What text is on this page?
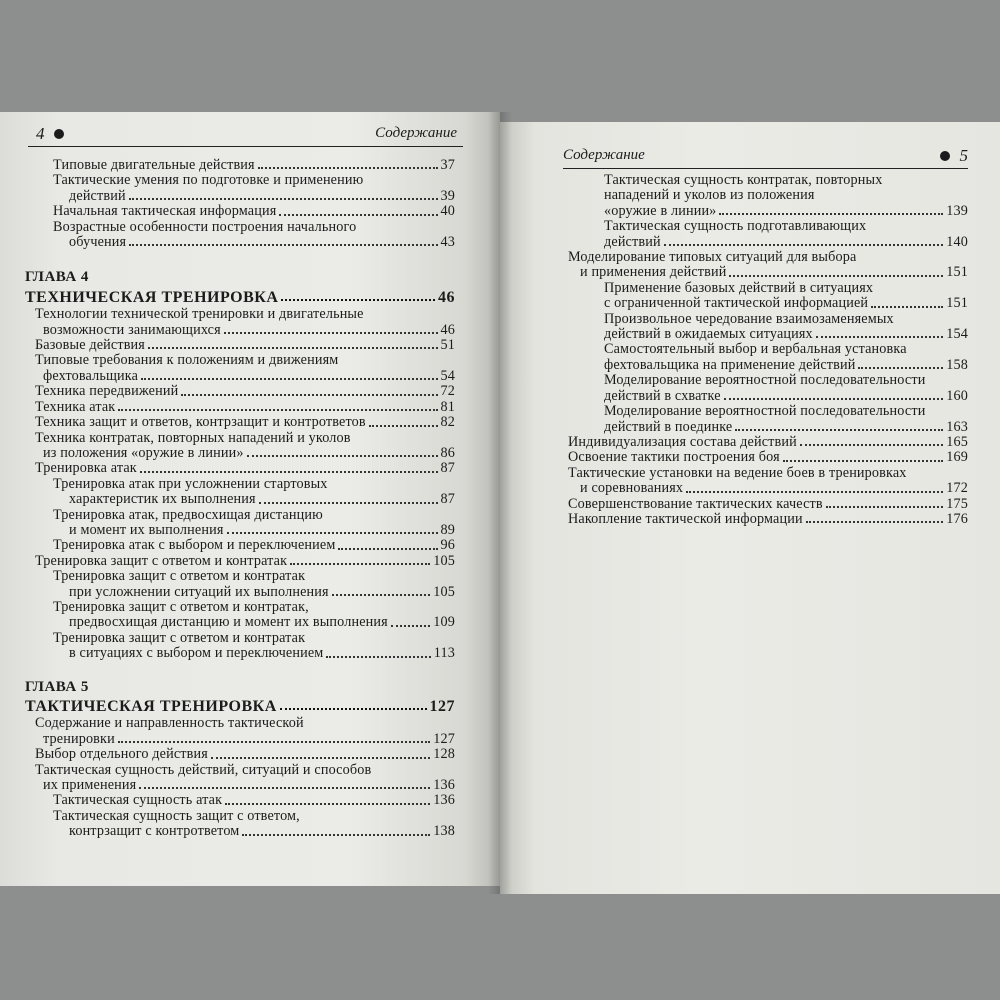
4	Содержание
Содержание	5
Типовые двигательные действия	37
Тактические умения по подготовке и применению
действий	39
Начальная тактическая информация	40
Возрастные особенности построения начального
обучения	43
ГЛАВА 4
ТЕХНИЧЕСКАЯ ТРЕНИРОВКА	46
Технологии технической тренировки и двигательные
возможности занимающихся	46
Базовые действия	51
Типовые требования к положениям и движениям
фехтовальщика	54
Техника передвижений	72
Техника атак	81
Техника защит и ответов, контрзащит и контрответов	82
Техника контратак, повторных нападений и уколов
из положения «оружие в линии»	86
Тренировка атак	87
Тренировка атак при усложнении стартовых
характеристик их выполнения	87
Тренировка атак, предвосхищая дистанцию
и момент их выполнения	89
Тренировка атак с выбором и переключением	96
Тренировка защит с ответом и контратак	105
Тренировка защит с ответом и контратак
при усложнении ситуаций их выполнения	105
Тренировка защит с ответом и контратак,
предвосхищая дистанцию и момент их выполнения	109
Тренировка защит с ответом и контратак
в ситуациях с выбором и переключением	113
ГЛАВА 5
ТАКТИЧЕСКАЯ ТРЕНИРОВКА	127
Содержание и направленность тактической
тренировки	127
Выбор отдельного действия	128
Тактическая сущность действий, ситуаций и способов
их применения	136
Тактическая сущность атак	136
Тактическая сущность защит с ответом,
контрзащит с контрответом	138
Тактическая сущность контратак, повторных
нападений и уколов из положения
«оружие в линии»	139
Тактическая сущность подготавливающих
действий	140
Моделирование типовых ситуаций для выбора
и применения действий	151
Применение базовых действий в ситуациях
с ограниченной тактической информацией	151
Произвольное чередование взаимозаменяемых
действий в ожидаемых ситуациях	154
Самостоятельный выбор и вербальная установка
фехтовальщика на применение действий	158
Моделирование вероятностной последовательности
действий в схватке	160
Моделирование вероятностной последовательности
действий в поединке	163
Индивидуализация состава действий	165
Освоение тактики построения боя	169
Тактические установки на ведение боев в тренировках
и соревнованиях	172
Совершенствование тактических качеств	175
Накопление тактической информации	176
